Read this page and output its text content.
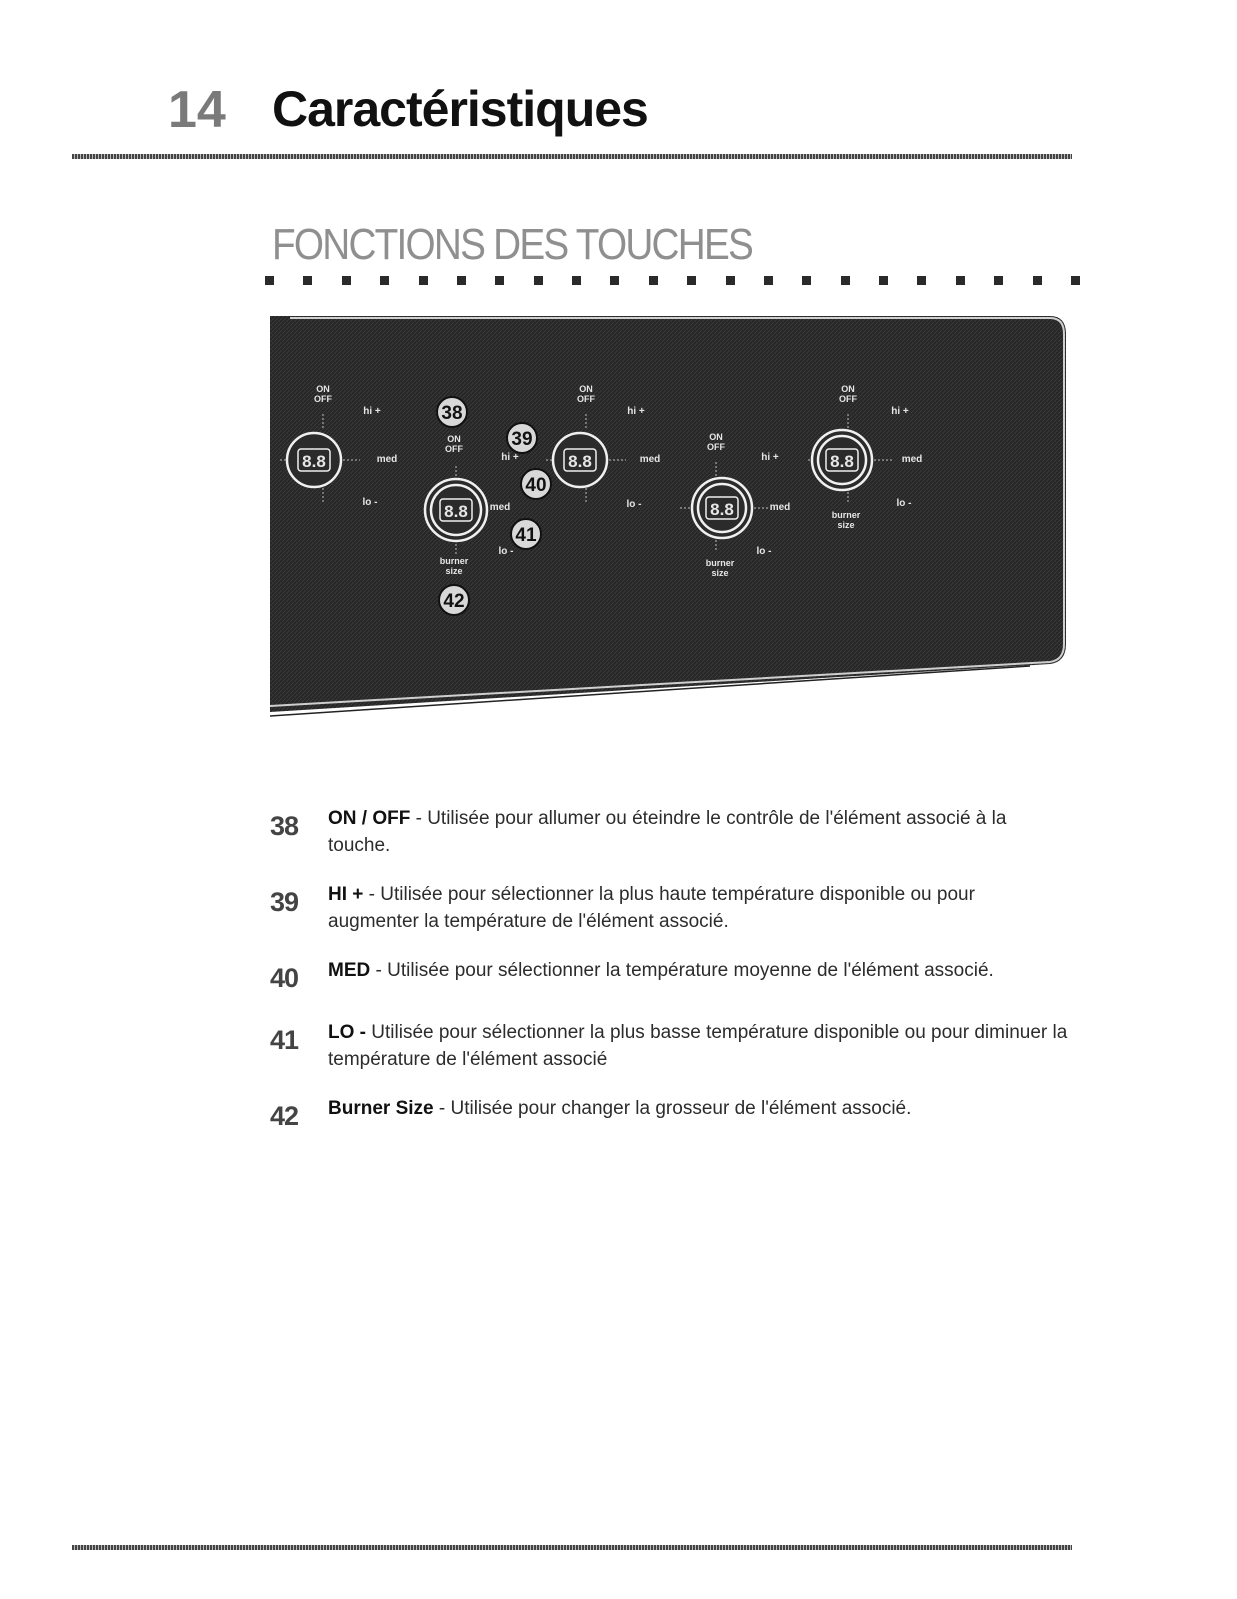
14 Caractéristiques
FONCTIONS DES TOUCHES
8.8
ON
OFF
hi +
med
lo -	8.8
ON
OFF
burner
size
hi +
med
lo -
38
39
40
41
42
8.8
ON
OFF
hi +
med
lo -	8.8
ON
OFF
hi +
med
lo -
burner
size
8.8
ON
OFF
hi +
med
lo -
burner
size
38	ON / OFF - Utilisée pour allumer ou éteindre le contrôle de l'élément associé à la touche.
39	HI + - Utilisée pour sélectionner la plus haute température disponible ou pour augmenter la température de l'élément associé.
40	MED - Utilisée pour sélectionner la température moyenne de l'élément associé.
41	LO - Utilisée pour sélectionner la plus basse température disponible ou pour diminuer la température de l'élément associé
42	Burner Size - Utilisée pour changer la grosseur de l'élément associé.
